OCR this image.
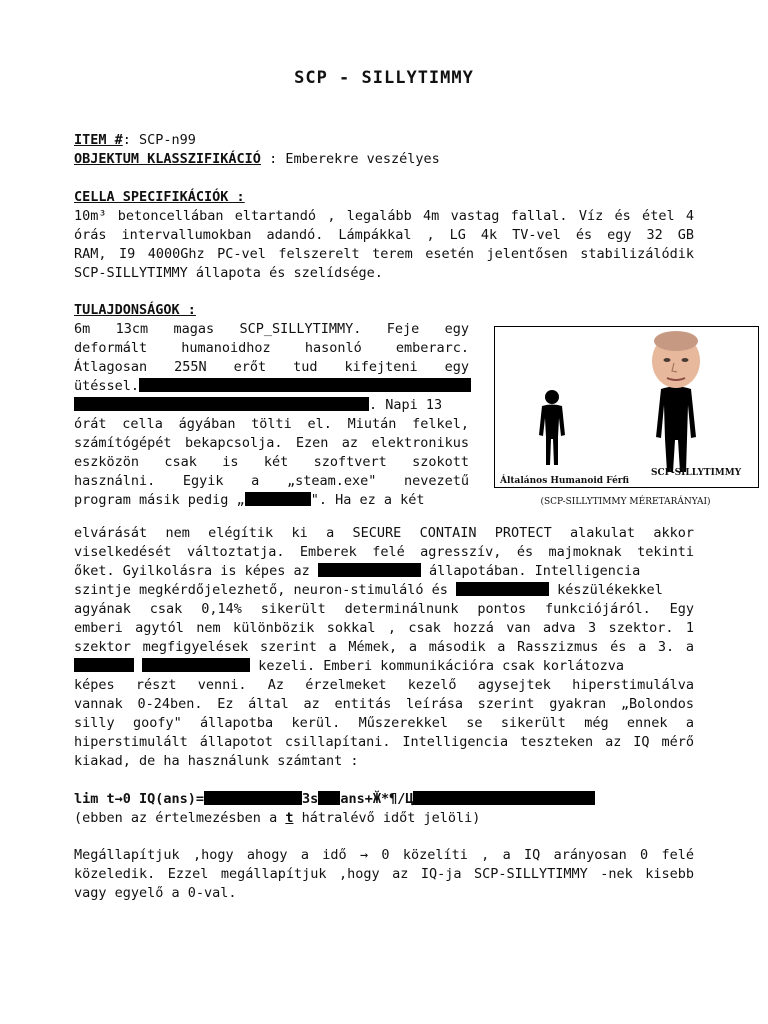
SCP - SILLYTIMMY
ITEM #: SCP-n99
OBJEKTUM KLASSZIFIKÁCIÓ : Emberekre veszélyes
CELLA SPECIFIKÁCIÓK :
10m³ betoncellában eltartandó , legalább 4m vastag fallal. Víz és étel 4
órás intervallumokban adandó. Lámpákkal , LG 4k TV-vel és egy 32 GB
RAM, I9 4000Ghz PC-vel felszerelt terem esetén jelentősen stabilizálódik
SCP-SILLYTIMMY állapota és szelídsége.
TULAJDONSÁGOK :
6m 13cm magas SCP_SILLYTIMMY. Feje egy
deformált humanoidhoz hasonló emberarc.
Átlagosan 255N erőt tud kifejteni egy
ütéssel.
. Napi 13
órát cella ágyában tölti el. Miután felkel,
számítógépét bekapcsolja. Ezen az elektronikus
eszközön csak is két szoftvert szokott
használni. Egyik a „steam.exe" nevezetű
program másik pedig „	". Ha ez a két
Általános Humanoid Férfi
SCP-SILLYTIMMY
(SCP-SILLYTIMMY MÉRETARÁNYAI)
elvárását nem elégítik ki a SECURE CONTAIN PROTECT alakulat akkor
viselkedését változtatja. Emberek felé agresszív, és majmoknak tekinti
őket. Gyilkolásra is képes az	állapotában. Intelligencia
szintje megkérdőjelezhető, neuron-stimuláló és	készülékekkel
agyának csak 0,14% sikerült determinálnunk pontos funkciójáról. Egy
emberi agytól nem különbözik sokkal , csak hozzá van adva 3 szektor. 1
szektor megfigyelések szerint a Mémek, a második a Rasszizmus és a 3. a
kezeli. Emberi kommunikációra csak korlátozva
képes részt venni. Az érzelmeket kezelő agysejtek hiperstimulálva
vannak 0-24ben. Ez által az entitás leírása szerint gyakran „Bolondos
silly goofy" állapotba kerül. Műszerekkel se sikerült még ennek a
hiperstimulált állapotot csillapítani. Intelligencia teszteken az IQ mérő
kiakad, de ha használunk számtant :
lim t→0 IQ(ans)=	3s ans+Ӂ*¶/Ц
(ebben az értelmezésben a t hátralévő időt jelöli)
Megállapítjuk ,hogy ahogy a idő → 0 közelíti , a IQ arányosan 0 felé
közeledik. Ezzel megállapítjuk ,hogy az IQ-ja SCP-SILLYTIMMY -nek kisebb
vagy egyelő a 0-val.
